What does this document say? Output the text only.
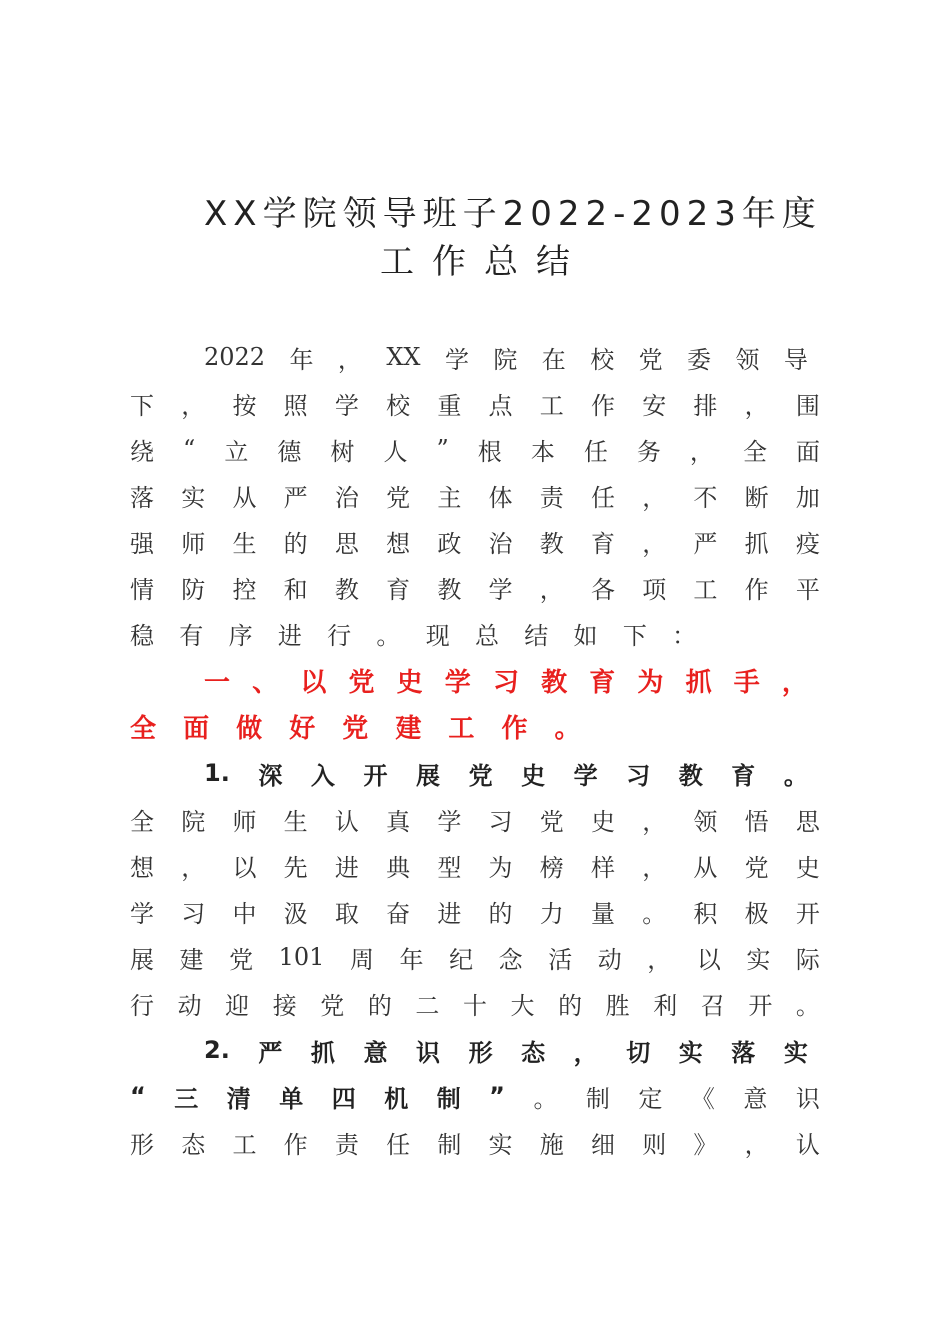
XX学院领导班子2022-2023年度
工作总结
2022 年 ， XX 学 院 在 校 党 委 领 导
下 ， 按 照 学 校 重 点 工 作 安 排 ， 围
绕 “ 立 德 树 人 ” 根 本 任 务 ， 全 面
落 实 从 严 治 党 主 体 责 任 ， 不 断 加
强 师 生 的 思 想 政 治 教 育 ， 严 抓 疫
情 防 控 和 教 育 教 学 ， 各 项 工 作 平
稳	有	序	进	行	。	现	总	结	如	下	：
一 、 以 党 史 学 习 教 育 为 抓 手 ，
全	面	做	好	党	建	工	作	。
1. 深 入 开 展 党 史 学 习 教 育 。
全 院 师 生 认 真 学 习 党 史 ， 领 悟 思
想 ， 以 先 进 典 型 为 榜 样 ， 从 党 史
学 习 中 汲 取 奋 进 的 力 量 。 积 极 开
展 建 党 101 周 年 纪 念 活 动 ， 以 实 际
行 动 迎 接 党 的 二 十 大 的 胜 利 召 开 。
2. 严 抓 意 识 形 态 ， 切 实 落 实
“ 三 清 单 四 机 制 ” 。 制 定 《 意 识
形 态 工 作 责 任 制 实 施 细 则 》 ， 认
